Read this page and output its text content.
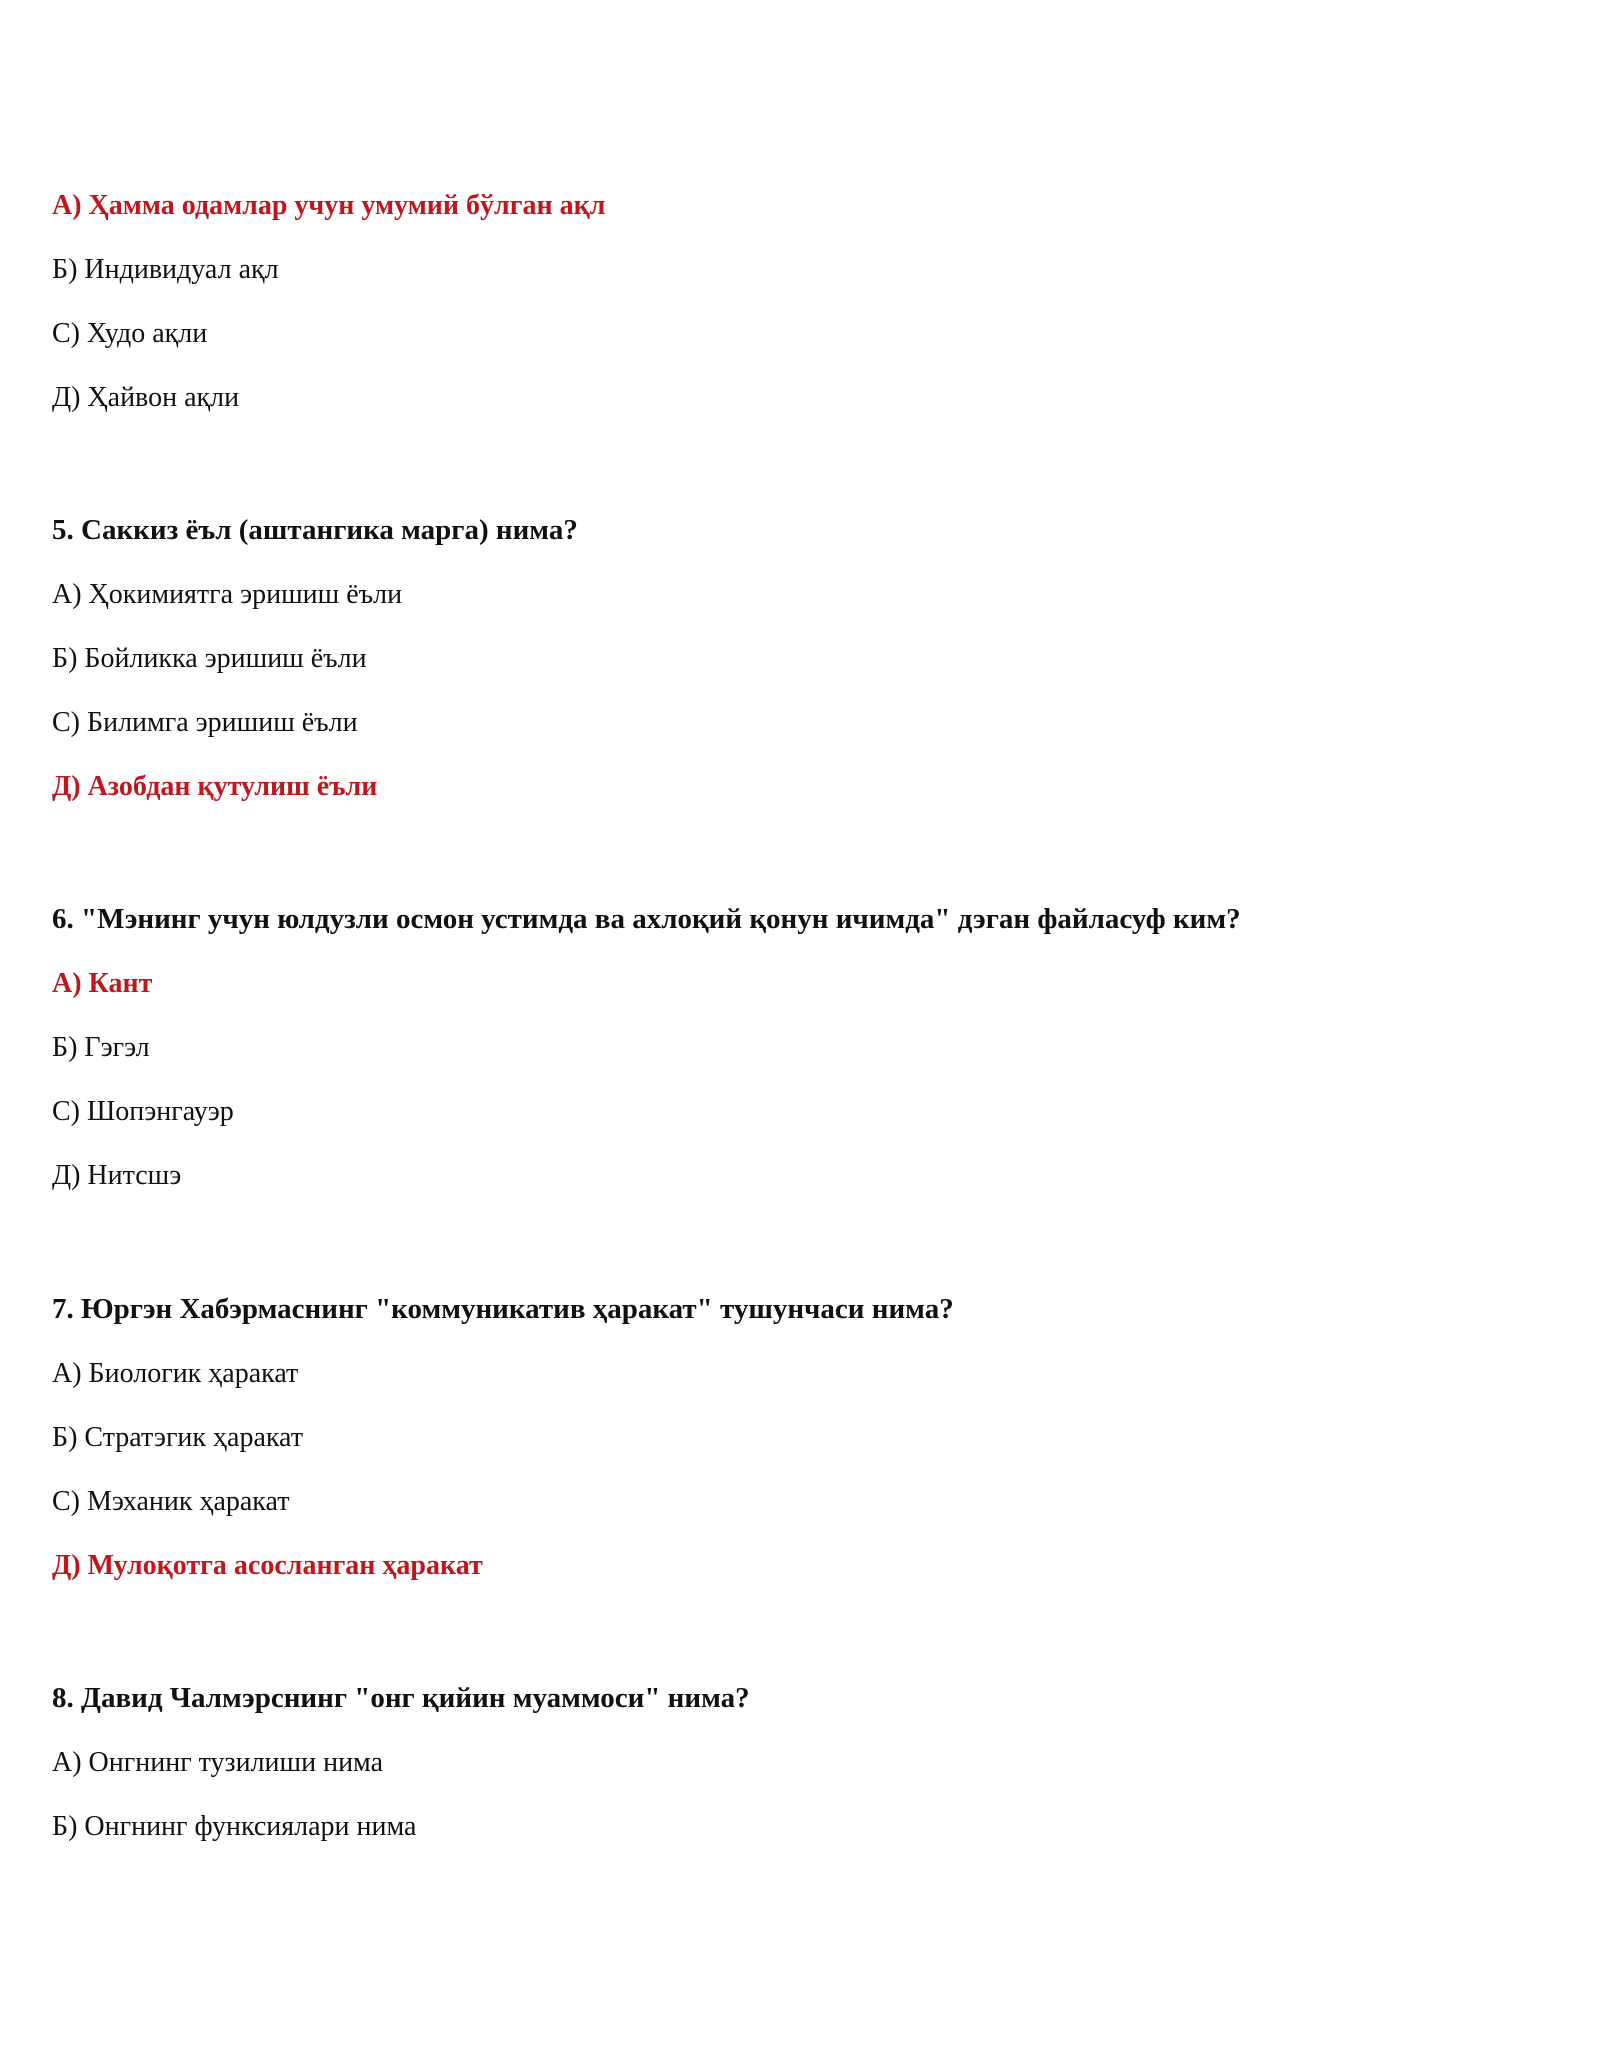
А) Ҳамма одамлар учун умумий бўлган ақл
Б) Индивидуал ақл
С) Худо ақли
Д) Ҳайвон ақли
5. Саккиз ёъл (аштангика марга) нима?
А) Ҳокимиятга эришиш ёъли
Б) Бойликка эришиш ёъли
С) Билимга эришиш ёъли
Д) Азобдан қутулиш ёъли
6. "Мэнинг учун юлдузли осмон устимда ва ахлоқий қонун ичимда" дэган файласуф ким?
А) Кант
Б) Гэгэл
С) Шопэнгауэр
Д) Нитсшэ
7. Юргэн Хабэрмаснинг "коммуникатив ҳаракат" тушунчаси нима?
А) Биологик ҳаракат
Б) Стратэгик ҳаракат
С) Мэханик ҳаракат
Д) Мулоқотга асосланган ҳаракат
8. Давид Чалмэрснинг "онг қийин муаммоси" нима?
А) Онгнинг тузилиши нима
Б) Онгнинг функсиялари нима
